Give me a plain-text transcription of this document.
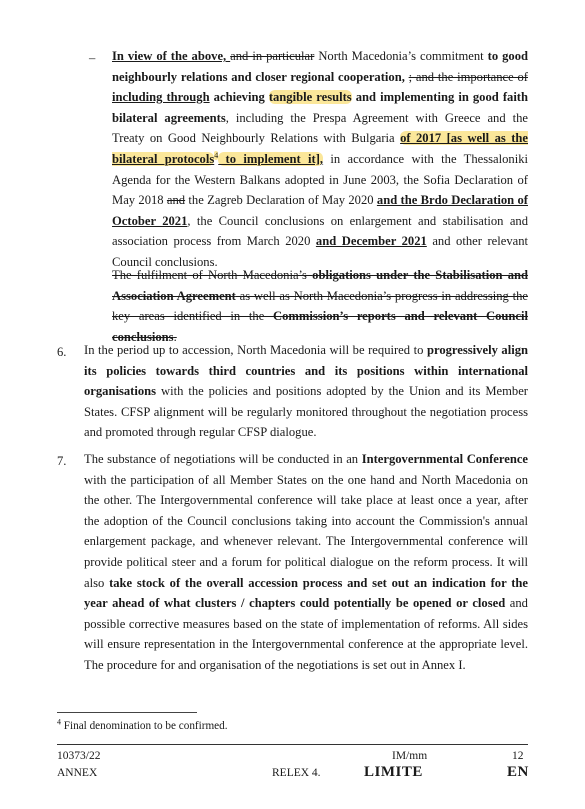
– In view of the above, and in particular North Macedonia’s commitment to good neighbourly relations and closer regional cooperation, ; and the importance of including through achieving tangible results and implementing in good faith bilateral agreements, including the Prespa Agreement with Greece and the Treaty on Good Neighbourly Relations with Bulgaria of 2017 [as well as the bilateral protocols$^4$ to implement it], in accordance with the Thessaloniki Agenda for the Western Balkans adopted in June 2003, the Sofia Declaration of May 2018 and the Zagreb Declaration of May 2020 and the Brdo Declaration of October 2021, the Council conclusions on enlargement and stabilisation and association process from March 2020 and December 2021 and other relevant Council conclusions.

The fulfilment of North Macedonia’s obligations under the Stabilisation and Association Agreement as well as North Macedonia’s progress in addressing the key areas identified in the Commission’s reports and relevant Council conclusions.

6. In the period up to accession, North Macedonia will be required to progressively align its policies towards third countries and its positions within international organisations with the policies and positions adopted by the Union and its Member States. CFSP alignment will be regularly monitored throughout the negotiation process and promoted through regular CFSP dialogue.

7. The substance of negotiations will be conducted in an Intergovernmental Conference with the participation of all Member States on the one hand and North Macedonia on the other. The Intergovernmental conference will take place at least once a year, after the adoption of the Council conclusions taking into account the Commission's annual enlargement package, and whenever relevant. The Intergovernmental conference will provide political steer and a forum for political dialogue on the reform process. It will also take stock of the overall accession process and set out an indication for the year ahead of what clusters / chapters could potentially be opened or closed and possible corrective measures based on the state of implementation of reforms. All sides will ensure representation in the Intergovernmental conference at the appropriate level. The procedure for and organisation of the negotiations is set out in Annex I.

$^4$ Final denomination to be confirmed.
10373/22
ANNEX	RELEX 4.
IM/mm
LIMITE
12
EN
